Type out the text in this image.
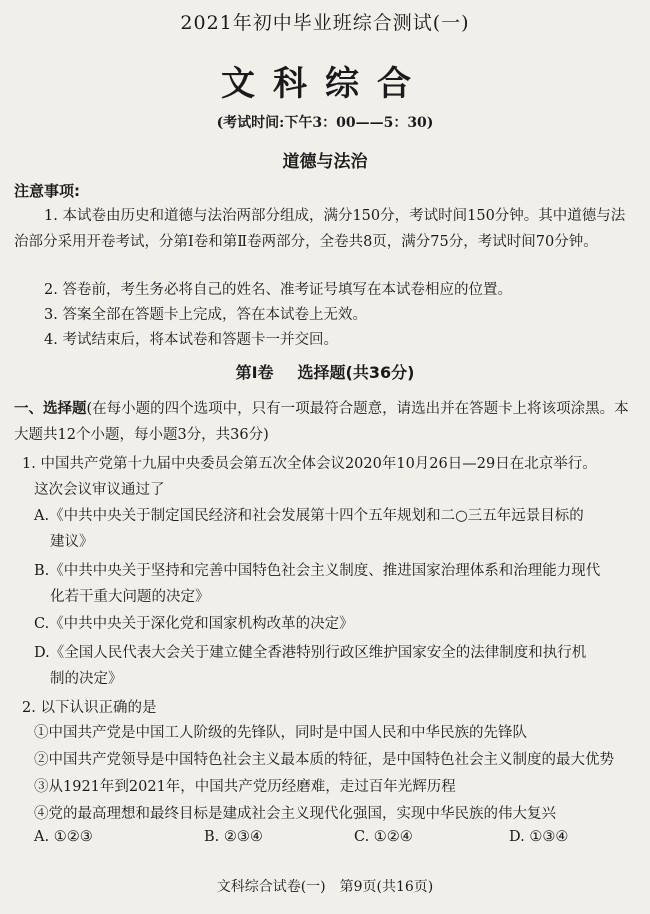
2021年初中毕业班综合测试(一)
文科综合
(考试时间:下午3：00——5：30)
道德与法治
注意事项:
1. 本试卷由历史和道德与法治两部分组成，满分150分，考试时间150分钟。其中道德与法治部分采用开卷考试，分第Ⅰ卷和第Ⅱ卷两部分，全卷共8页，满分75分，考试时间70分钟。
2. 答卷前，考生务必将自己的姓名、准考证号填写在本试卷相应的位置。
3. 答案全部在答题卡上完成，答在本试卷上无效。
4. 考试结束后，将本试卷和答题卡一并交回。
第Ⅰ卷 选择题(共36分)
一、选择题(在每小题的四个选项中，只有一项最符合题意，请选出并在答题卡上将该项涂黑。本大题共12个小题，每小题3分，共36分)
1. 中国共产党第十九届中央委员会第五次全体会议2020年10月26日—29日在北京举行。
这次会议审议通过了
A.《中共中央关于制定国民经济和社会发展第十四个五年规划和二○三五年远景目标的
建议》
B.《中共中央关于坚持和完善中国特色社会主义制度、推进国家治理体系和治理能力现代
化若干重大问题的决定》
C.《中共中央关于深化党和国家机构改革的决定》
D.《全国人民代表大会关于建立健全香港特别行政区维护国家安全的法律制度和执行机
制的决定》
2. 以下认识正确的是
①中国共产党是中国工人阶级的先锋队，同时是中国人民和中华民族的先锋队
②中国共产党领导是中国特色社会主义最本质的特征，是中国特色社会主义制度的最大优势
③从1921年到2021年，中国共产党历经磨难，走过百年光辉历程
④党的最高理想和最终目标是建成社会主义现代化强国，实现中华民族的伟大复兴
A. ①②③	B. ②③④	C. ①②④	D. ①③④
文科综合试卷(一)　第9页(共16页)
